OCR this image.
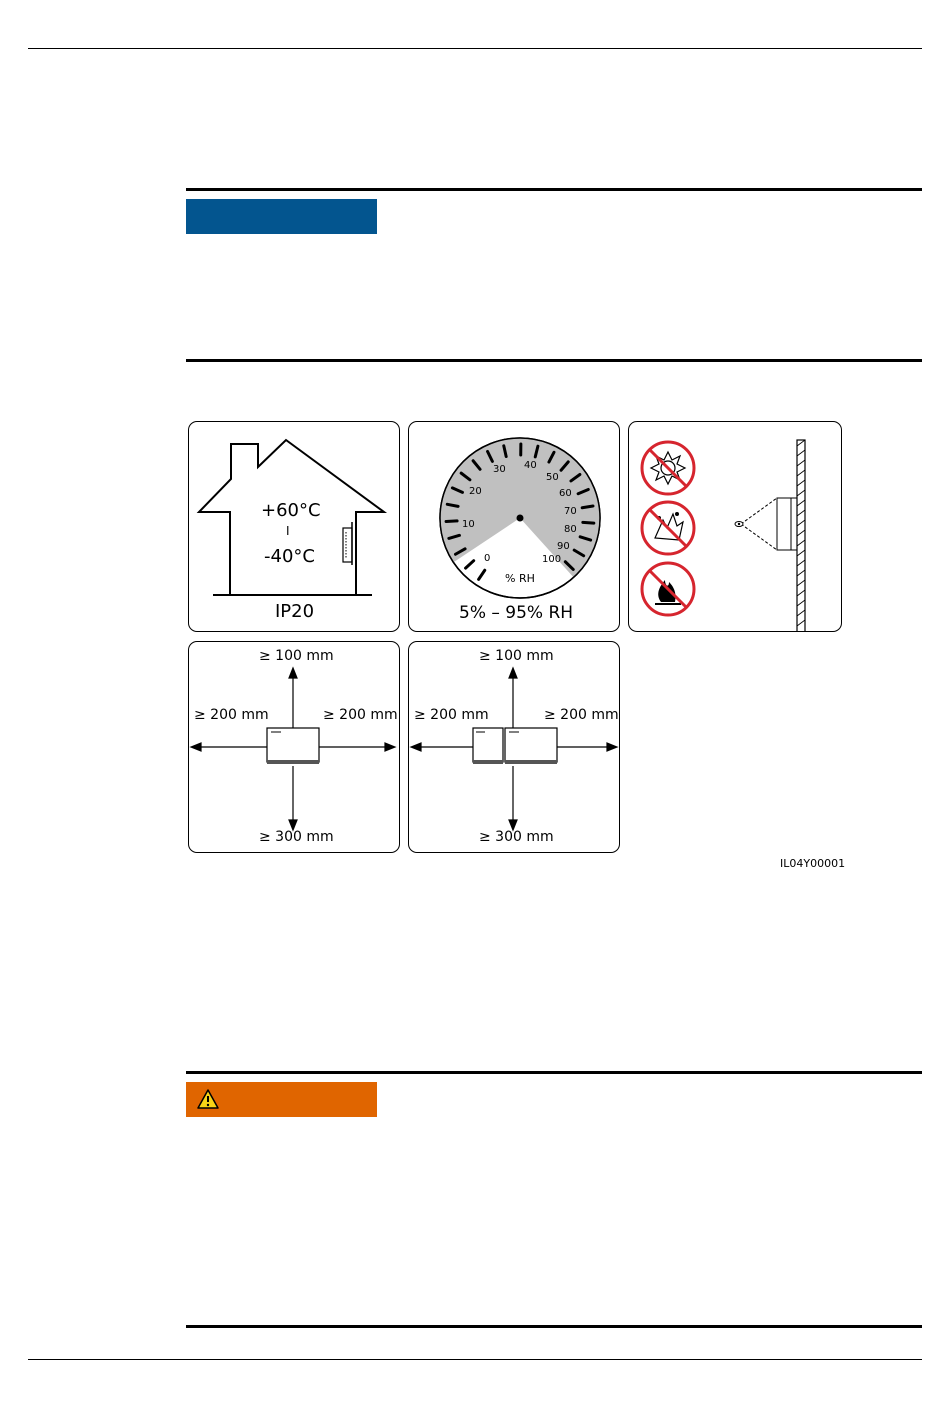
+60°C
I
-40°C
IP20
0
10
20
30 40
50
60
70
80
90
100
% RH
5% – 95% RH
≥ 100 mm
≥ 200 mm	≥ 200 mm
≥ 300 mm
≥ 100 mm
≥ 200 mm	≥ 200 mm
≥ 300 mm
IL04Y00001
